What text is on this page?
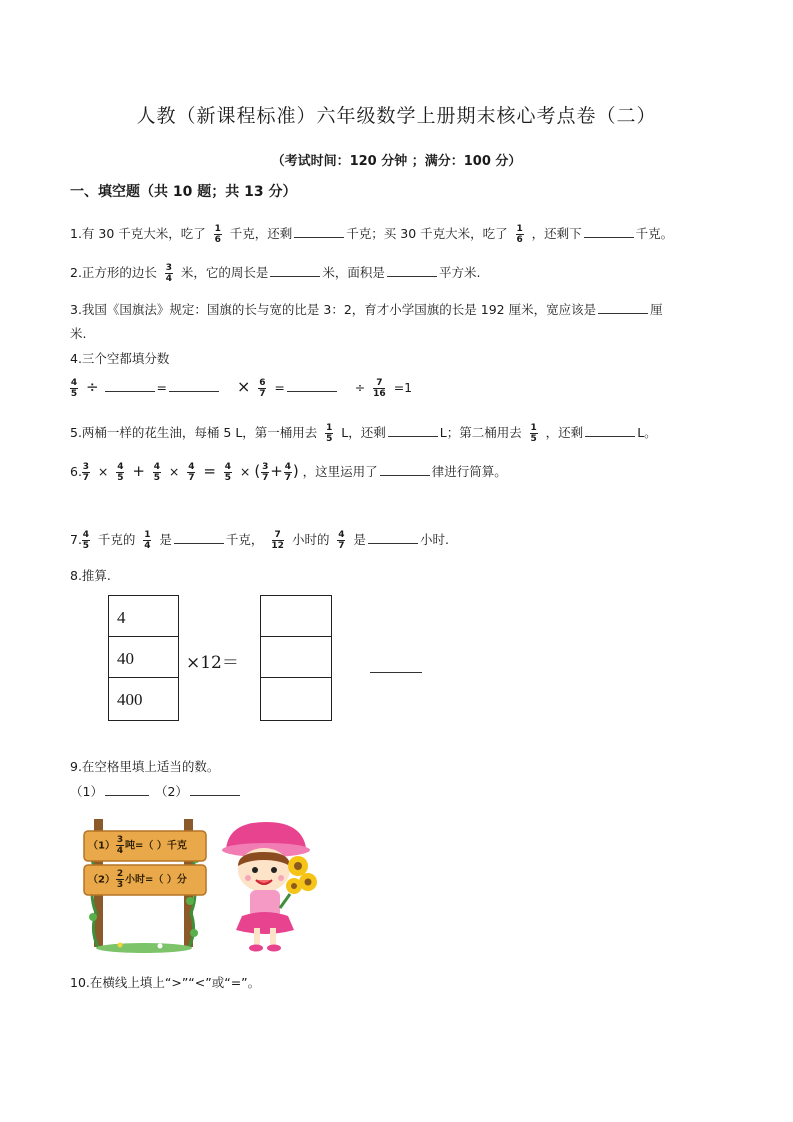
人教（新课程标准）六年级数学上册期末核心考点卷（二）
（考试时间：120 分钟 ；满分：100 分）
一、填空题（共 10 题；共 13 分）
1.有 30 千克大米，吃了 $\frac{1}{6}$ 千克，还剩	千克；买 30 千克大米，吃了 $\frac{1}{6}$ ，还剩下	千克。
2.正方形的边长 $\frac{3}{4}$ 米，它的周长是	米，面积是	平方米.
3.我国《国旗法》规定：国旗的长与宽的比是 3：2，育才小学国旗的长是 192 厘米，宽应该是	厘
米.
4.三个空都填分数
$\frac{4}{5}$ ÷	=	× $\frac{6}{7}$ =	÷ $\frac{7}{16} =1$
5.两桶一样的花生油，每桶 5 L，第一桶用去 $\frac{1}{5}$ L，还剩	L；第二桶用去 $\frac{1}{5}$ ，还剩	L。
6. $\frac{3}{7} \times \frac{4}{5} + \frac{4}{5} \times \frac{4}{7} = \frac{4}{5}$ × ( $\frac{3}{7} + \frac{4}{7}$ ) ，这里运用了	律进行简算。
7. $\frac{4}{5}$ 千克的 $\frac{1}{4}$ 是	千克， $\frac{7}{12}$ 小时的 $\frac{4}{7}$ 是	小时.
8.推算.
4
40
400
×12＝
9.在空格里填上适当的数。
（1）	（2）
$(1) \frac{3}{4}$ 吨=（ ）千克
$(2) \frac{2}{3}$ 小时=（ ）分
10.在横线上填上“>”“<”或“=”。
